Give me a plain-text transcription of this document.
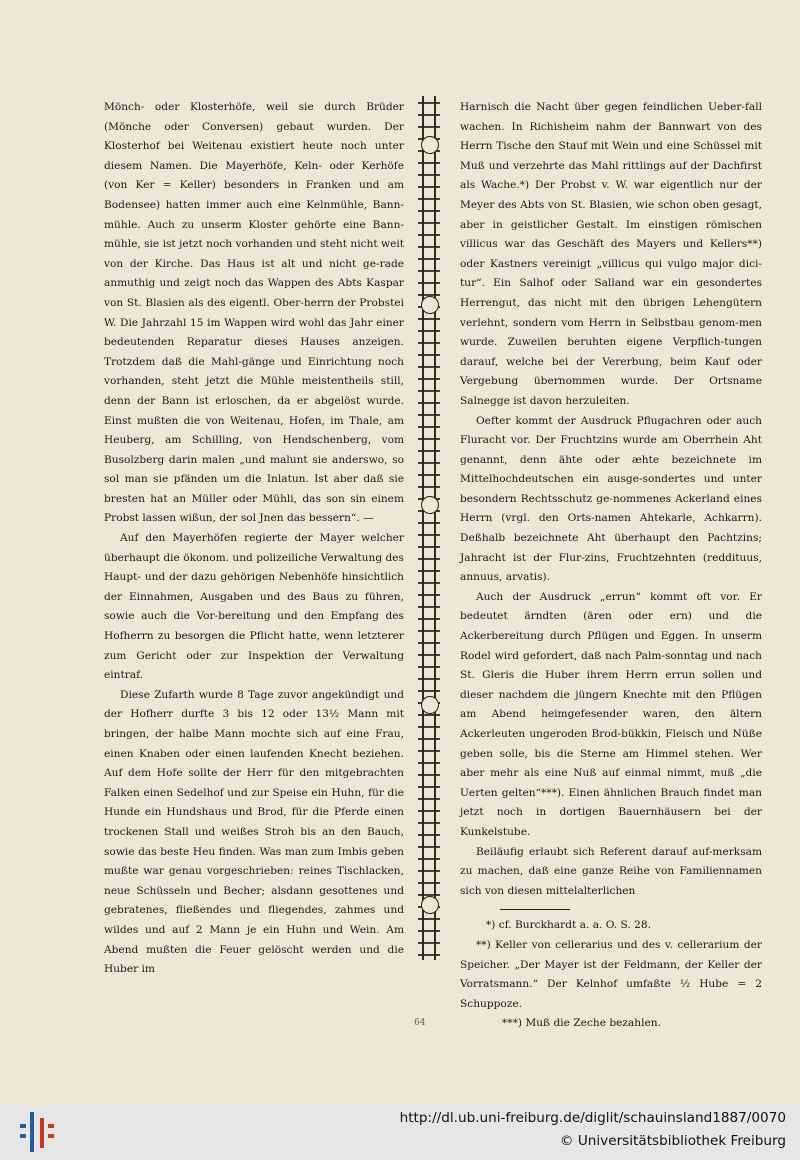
Mönch- oder Klosterhöfe, weil sie durch Brüder (Mönche oder Conversen) gebaut wurden. Der Klosterhof bei Weitenau existiert heute noch unter diesem Namen. Die Mayerhöfe, Keln- oder Kerhöfe (von Ker = Keller) besonders in Franken und am Bodensee) hatten immer auch eine Kelnmühle, Bann-mühle. Auch zu unserm Kloster gehörte eine Bann-mühle, sie ist jetzt noch vorhanden und steht nicht weit von der Kirche. Das Haus ist alt und nicht ge-rade anmuthig und zeigt noch das Wappen des Abts Kaspar von St. Blasien als des eigentl. Ober-herrn der Probstei W. Die Jahrzahl 15 im Wappen wird wohl das Jahr einer bedeutenden Reparatur dieses Hauses anzeigen. Trotzdem daß die Mahl-gänge und Einrichtung noch vorhanden, steht jetzt die Mühle meistentheils still, denn der Bann ist erloschen, da er abgelöst wurde. Einst mußten die von Weitenau, Hofen, im Thale, am Heuberg, am Schilling, von Hendschenberg, vom Busolzberg darin malen „und malunt sie anderswo, so sol man sie pfänden um die Inlatun. Ist aber daß sie bresten hat an Müller oder Mühli, das son sin einem Probst lassen wißun, der sol Jnen das bessern“. —

Auf den Mayerhöfen regierte der Mayer welcher überhaupt die ökonom. und polizeiliche Verwaltung des Haupt- und der dazu gehörigen Nebenhöfe hinsichtlich der Einnahmen, Ausgaben und des Baus zu führen, sowie auch die Vor-bereitung und den Empfang des Hofherrn zu besorgen die Pflicht hatte, wenn letzterer zum Gericht oder zur Inspektion der Verwaltung eintraf.

Diese Zufarth wurde 8 Tage zuvor angekündigt und der Hofherr durfte 3 bis 12 oder 13½ Mann mit bringen, der halbe Mann mochte sich auf eine Frau, einen Knaben oder einen laufenden Knecht beziehen. Auf dem Hofe sollte der Herr für den mitgebrachten Falken einen Sedelhof und zur Speise ein Huhn, für die Hunde ein Hundshaus und Brod, für die Pferde einen trockenen Stall und weißes Stroh bis an den Bauch, sowie das beste Heu finden. Was man zum Imbis geben mußte war genau vorgeschrieben: reines Tischlacken, neue Schüsseln und Becher; alsdann gesottenes und gebratenes, fließendes und fliegendes, zahmes und wildes und auf 2 Mann je ein Huhn und Wein. Am Abend mußten die Feuer gelöscht werden und die Huber im

Harnisch die Nacht über gegen feindlichen Ueber-fall wachen. In Richisheim nahm der Bannwart von des Herrn Tische den Stauf mit Wein und eine Schüssel mit Muß und verzehrte das Mahl rittlings auf der Dachfirst als Wache.*) Der Probst v. W. war eigentlich nur der Meyer des Abts von St. Blasien, wie schon oben gesagt, aber in geistlicher Gestalt. Im einstigen römischen villicus war das Geschäft des Mayers und Kellers**) oder Kastners vereinigt „villicus qui vulgo major dici-tur“. Ein Salhof oder Salland war ein gesondertes Herrengut, das nicht mit den übrigen Lehengütern verlehnt, sondern vom Herrn in Selbstbau genom-men wurde. Zuweilen beruhten eigene Verpflich-tungen darauf, welche bei der Vererbung, beim Kauf oder Vergebung übernommen wurde. Der Ortsname Salnegge ist davon herzuleiten.

Oefter kommt der Ausdruck Pflugachren oder auch Fluracht vor. Der Fruchtzins wurde am Oberrhein Aht genannt, denn ähte oder æhte bezeichnete im Mittelhochdeutschen ein ausge-sondertes und unter besondern Rechtsschutz ge-nommenes Ackerland eines Herrn (vrgl. den Orts-namen Ahtekarle, Achkarrn). Deßhalb bezeichnete Aht überhaupt den Pachtzins; Jahracht ist der Flur-zins, Fruchtzehnten (reddituus, annuus, arvatis).

Auch der Ausdruck „errun“ kommt oft vor. Er bedeutet ärndten (ären oder ern) und die Ackerbereitung durch Pflügen und Eggen. In unserm Rodel wird gefordert, daß nach Palm-sonntag und nach St. Gleris die Huber ihrem Herrn errun sollen und dieser nachdem die jüngern Knechte mit den Pflügen am Abend heimgefesender waren, den ältern Ackerleuten ungeroden Brod-bükkin, Fleisch und Nüße geben solle, bis die Sterne am Himmel stehen. Wer aber mehr als eine Nuß auf einmal nimmt, muß „die Uerten gelten“***). Einen ähnlichen Brauch findet man jetzt noch in dortigen Bauernhäusern bei der Kunkelstube.

Beiläufig erlaubt sich Referent darauf auf-merksam zu machen, daß eine ganze Reihe von Familiennamen sich von diesen mittelalterlichen

*) cf. Burckhardt a. a. O. S. 28.

**) Keller von cellerarius und des v. cellerarium der Speicher. „Der Mayer ist der Feldmann, der Keller der Vorratsmann.“ Der Kelnhof umfaßte ½ Hube = 2 Schuppoze.

***) Muß die Zeche bezahlen.

64
http://dl.ub.uni-freiburg.de/diglit/schauinsland1887/0070
© Universitätsbibliothek Freiburg
